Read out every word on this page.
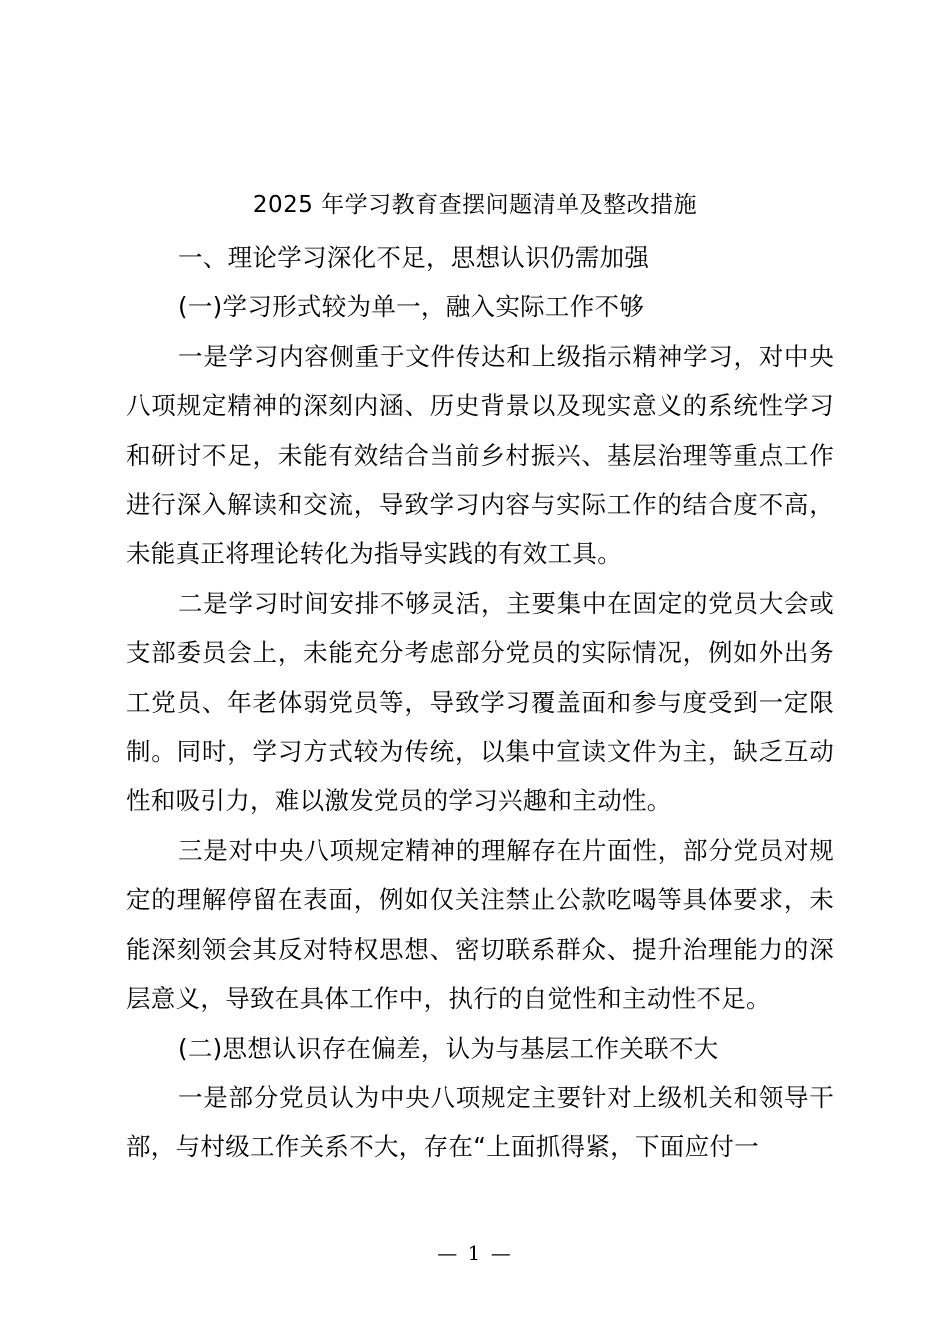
2025 年学习教育查摆问题清单及整改措施

一、理论学习深化不足，思想认识仍需加强

(一)学习形式较为单一，融入实际工作不够

一是学习内容侧重于文件传达和上级指示精神学习，对中央八项规定精神的深刻内涵、历史背景以及现实意义的系统性学习和研讨不足，未能有效结合当前乡村振兴、基层治理等重点工作进行深入解读和交流，导致学习内容与实际工作的结合度不高，未能真正将理论转化为指导实践的有效工具。

二是学习时间安排不够灵活，主要集中在固定的党员大会或支部委员会上，未能充分考虑部分党员的实际情况，例如外出务工党员、年老体弱党员等，导致学习覆盖面和参与度受到一定限制。同时，学习方式较为传统，以集中宣读文件为主，缺乏互动性和吸引力，难以激发党员的学习兴趣和主动性。

三是对中央八项规定精神的理解存在片面性，部分党员对规定的理解停留在表面，例如仅关注禁止公款吃喝等具体要求，未能深刻领会其反对特权思想、密切联系群众、提升治理能力的深层意义，导致在具体工作中，执行的自觉性和主动性不足。

(二)思想认识存在偏差，认为与基层工作关联不大

一是部分党员认为中央八项规定主要针对上级机关和领导干部，与村级工作关系不大，存在“上面抓得紧，下面应付一

— 1 —
